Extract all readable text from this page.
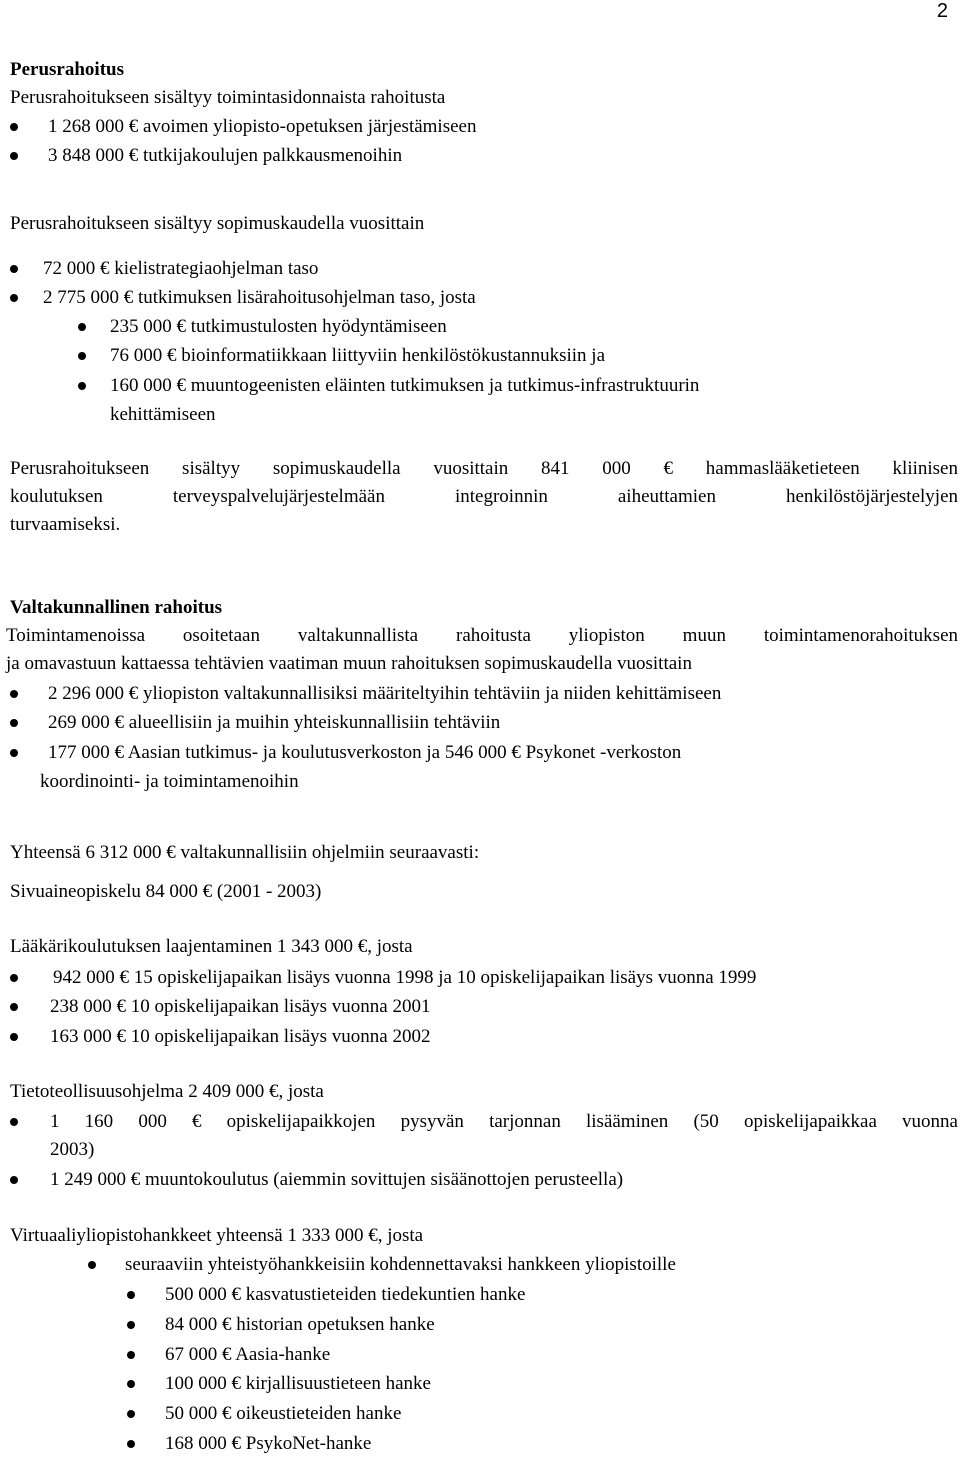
2
Perusrahoitus
Perusrahoitukseen sisältyy toimintasidonnaista rahoitusta
1 268 000 € avoimen yliopisto-opetuksen järjestämiseen
3 848 000 € tutkijakoulujen palkkausmenoihin
Perusrahoitukseen sisältyy sopimuskaudella vuosittain
72 000 € kielistrategiaohjelman taso
2 775 000 € tutkimuksen lisärahoitusohjelman taso, josta
235 000 € tutkimustulosten hyödyntämiseen
76 000 € bioinformatiikkaan liittyviin henkilöstökustannuksiin ja
160 000 € muuntogeenisten eläinten tutkimuksen ja tutkimus-infrastruktuurin
kehittämiseen
Perusrahoitukseen sisältyy sopimuskaudella vuosittain 841 000 € hammaslääketieteen kliinisen
koulutuksen terveyspalvelujärjestelmään integroinnin aiheuttamien henkilöstöjärjestelyjen
turvaamiseksi.
Valtakunnallinen rahoitus
Toimintamenoissa osoitetaan valtakunnallista rahoitusta yliopiston muun toimintamenorahoituksen
ja omavastuun kattaessa tehtävien vaatiman muun rahoituksen sopimuskaudella vuosittain
2 296 000 € yliopiston valtakunnallisiksi määriteltyihin tehtäviin ja niiden kehittämiseen
269 000 € alueellisiin ja muihin yhteiskunnallisiin tehtäviin
177 000 € Aasian tutkimus- ja koulutusverkoston ja 546 000 € Psykonet -verkoston
koordinointi- ja toimintamenoihin
Yhteensä 6 312 000 € valtakunnallisiin ohjelmiin seuraavasti:
Sivuaineopiskelu 84 000 € (2001 - 2003)
Lääkärikoulutuksen laajentaminen 1 343 000 €, josta
942 000 € 15 opiskelijapaikan lisäys vuonna 1998 ja 10 opiskelijapaikan lisäys vuonna 1999
238 000 € 10 opiskelijapaikan lisäys vuonna 2001
163 000 € 10 opiskelijapaikan lisäys vuonna 2002
Tietoteollisuusohjelma 2 409 000 €, josta
1 160 000 € opiskelijapaikkojen pysyvän tarjonnan lisääminen (50 opiskelijapaikkaa vuonna
2003)
1 249 000 € muuntokoulutus (aiemmin sovittujen sisäänottojen perusteella)
Virtuaaliyliopistohankkeet yhteensä 1 333 000 €, josta
seuraaviin yhteistyöhankkeisiin kohdennettavaksi hankkeen yliopistoille
500 000 € kasvatustieteiden tiedekuntien hanke
84 000 € historian opetuksen hanke
67 000 € Aasia-hanke
100 000 € kirjallisuustieteen hanke
50 000 € oikeustieteiden hanke
168 000 € PsykoNet-hanke
